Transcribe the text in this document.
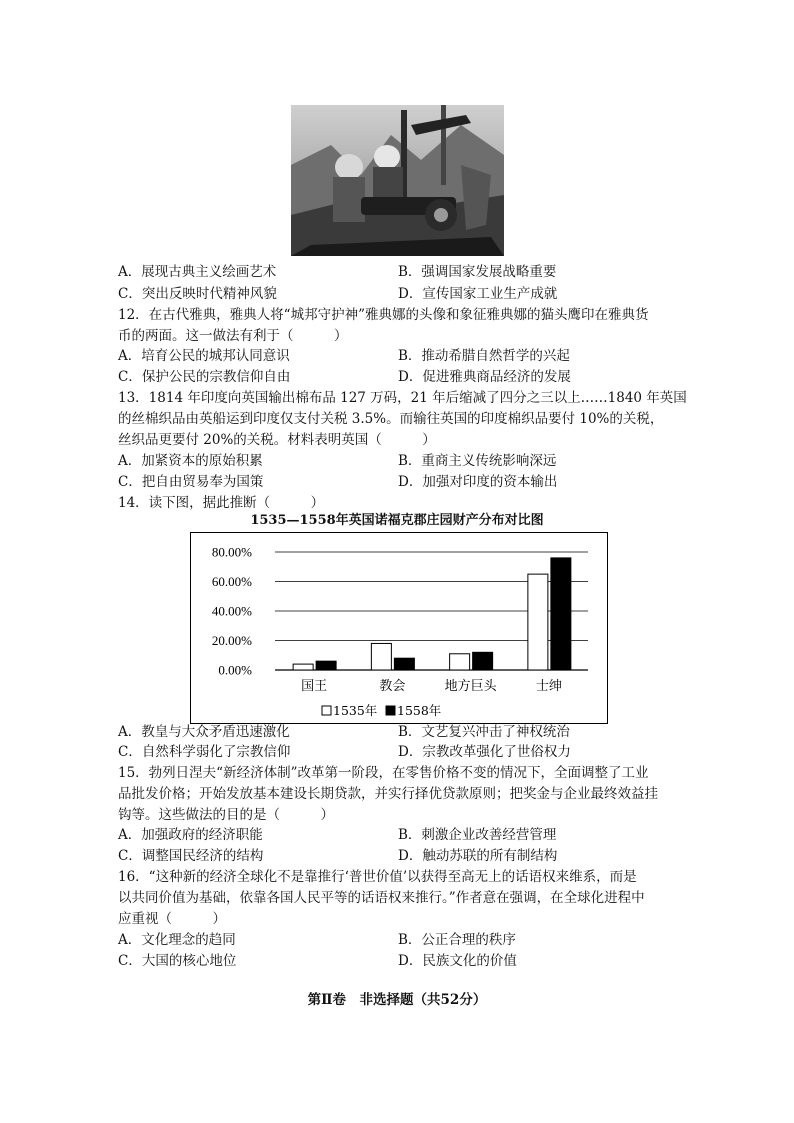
A．展现古典主义绘画艺术	B．强调国家发展战略重要
C．突出反映时代精神风貌	D．宣传国家工业生产成就
12．在古代雅典，雅典人将“城邦守护神”雅典娜的头像和象征雅典娜的猫头鹰印在雅典货
币的两面。这一做法有利于（　　　）
A．培育公民的城邦认同意识	B．推动希腊自然哲学的兴起
C．保护公民的宗教信仰自由	D．促进雅典商品经济的发展
13．1814 年印度向英国输出棉布品 127 万码，21 年后缩减了四分之三以上……1840 年英国
的丝棉织品由英船运到印度仅支付关税 3.5%。而输往英国的印度棉织品要付 10%的关税，
丝织品更要付 20%的关税。材料表明英国（　　　）
A．加紧资本的原始积累	B．重商主义传统影响深远
C．把自由贸易奉为国策	D．加强对印度的资本输出
14．读下图，据此推断（　　　）
1535—1558年英国诺福克郡庄园财产分布对比图
0.00%
20.00%
40.00%
60.00%
80.00%
国王	教会	地方巨头	士绅
1535年 1558年
A．教皇与大众矛盾迅速激化	B．文艺复兴冲击了神权统治
C．自然科学弱化了宗教信仰	D．宗教改革强化了世俗权力
15．勃列日涅夫“新经济体制”改革第一阶段，在零售价格不变的情况下，全面调整了工业
品批发价格；开始发放基本建设长期贷款，并实行择优贷款原则；把奖金与企业最终效益挂
钩等。这些做法的目的是（　　　）
A．加强政府的经济职能	B．刺激企业改善经营管理
C．调整国民经济的结构	D．触动苏联的所有制结构
16．“这种新的经济全球化不是靠推行‘普世价值’以获得至高无上的话语权来维系，而是
以共同价值为基础，依靠各国人民平等的话语权来推行。”作者意在强调，在全球化进程中
应重视（　　　）
A．文化理念的趋同	B．公正合理的秩序
C．大国的核心地位	D．民族文化的价值
第Ⅱ卷　非选择题（共52分）
